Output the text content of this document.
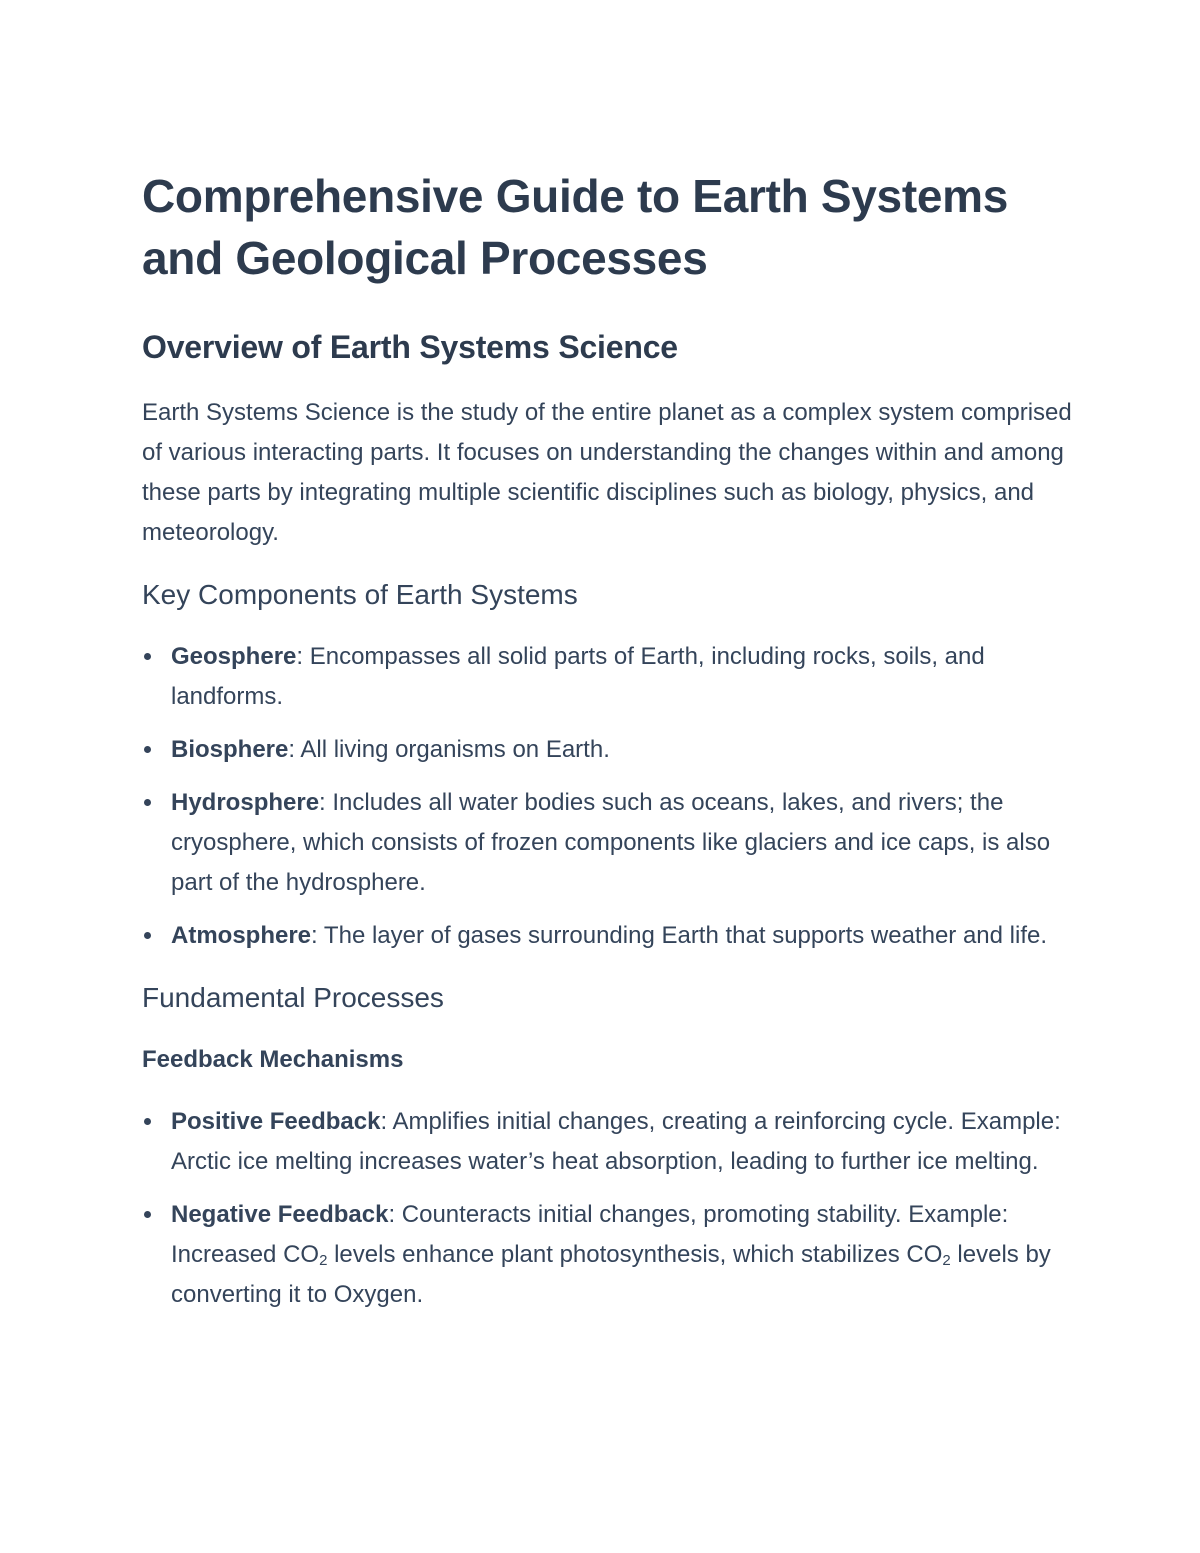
Comprehensive Guide to Earth Systems and Geological Processes
Overview of Earth Systems Science

Earth Systems Science is the study of the entire planet as a complex system comprised of various interacting parts. It focuses on understanding the changes within and among these parts by integrating multiple scientific disciplines such as biology, physics, and meteorology.

Key Components of Earth Systems
Geosphere: Encompasses all solid parts of Earth, including rocks, soils, and landforms.
Biosphere: All living organisms on Earth.
Hydrosphere: Includes all water bodies such as oceans, lakes, and rivers; the cryosphere, which consists of frozen components like glaciers and ice caps, is also part of the hydrosphere.
Atmosphere: The layer of gases surrounding Earth that supports weather and life.
Fundamental Processes
Feedback Mechanisms
Positive Feedback: Amplifies initial changes, creating a reinforcing cycle. Example: Arctic ice melting increases water’s heat absorption, leading to further ice melting.
Negative Feedback: Counteracts initial changes, promoting stability. Example: Increased $CO_2$ levels enhance plant photosynthesis, which stabilizes $CO_2$ levels by converting it to Oxygen.
